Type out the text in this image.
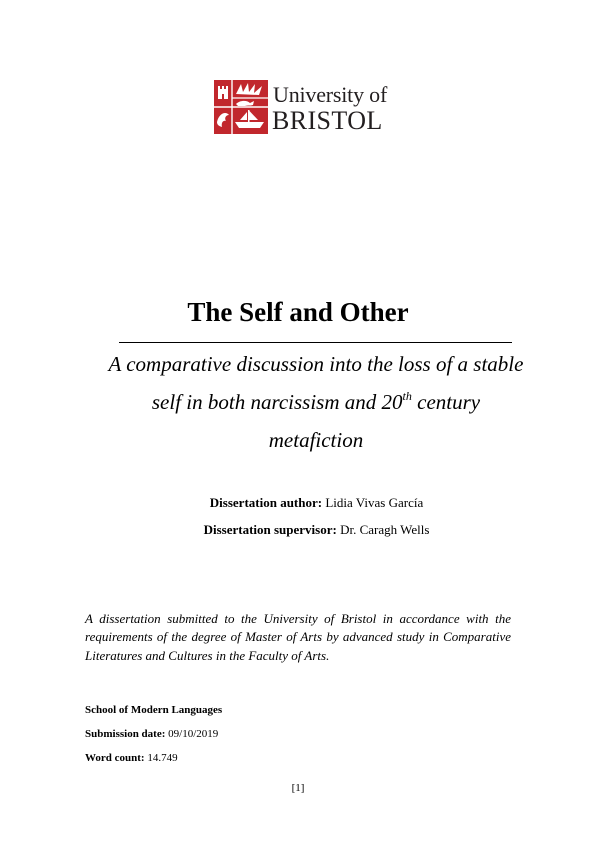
University of
BRISTOL
The Self and Other
A comparative discussion into the loss of a stable self in both narcissism and 20th century metafiction
Dissertation author: Lidia Vivas García
Dissertation supervisor: Dr. Caragh Wells
A dissertation submitted to the University of Bristol in accordance with the requirements of the degree of Master of Arts by advanced study in Comparative Literatures and Cultures in the Faculty of Arts.
School of Modern Languages
Submission date: 09/10/2019
Word count: 14.749
[1]
